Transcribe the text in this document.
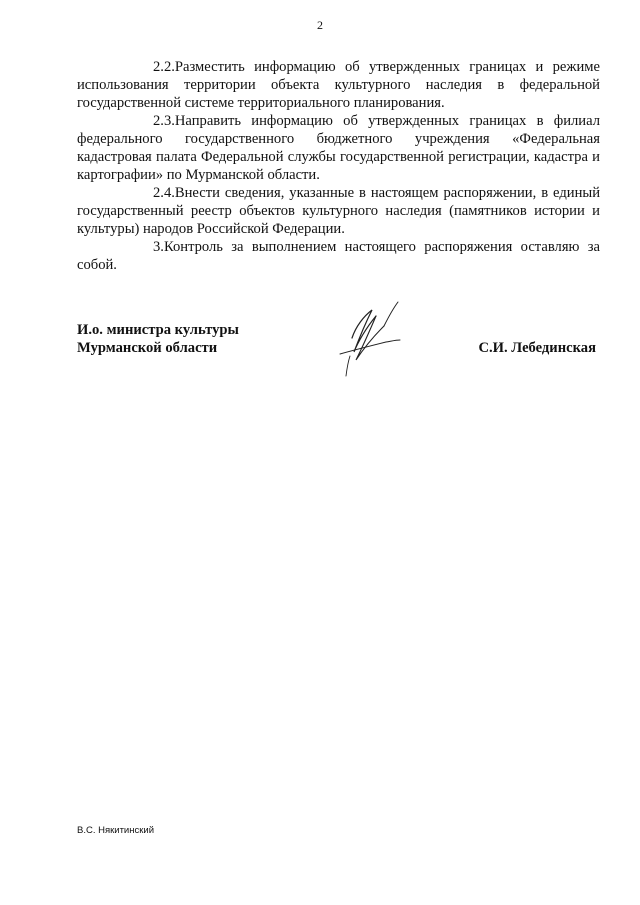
2

2.2.Разместить информацию об утвержденных границах и режиме использования территории объекта культурного наследия в федеральной государственной системе территориального планирования.

2.3.Направить информацию об утвержденных границах в филиал федерального государственного бюджетного учреждения «Федеральная кадастровая палата Федеральной службы государственной регистрации, кадастра и картографии» по Мурманской области.

2.4.Внести сведения, указанные в настоящем распоряжении, в единый государственный реестр объектов культурного наследия (памятников истории и культуры) народов Российской Федерации.

3.Контроль за выполнением настоящего распоряжения оставляю за собой.

И.о. министра культуры
Мурманской области	С.И. Лебединская
В.С. Някитинский
